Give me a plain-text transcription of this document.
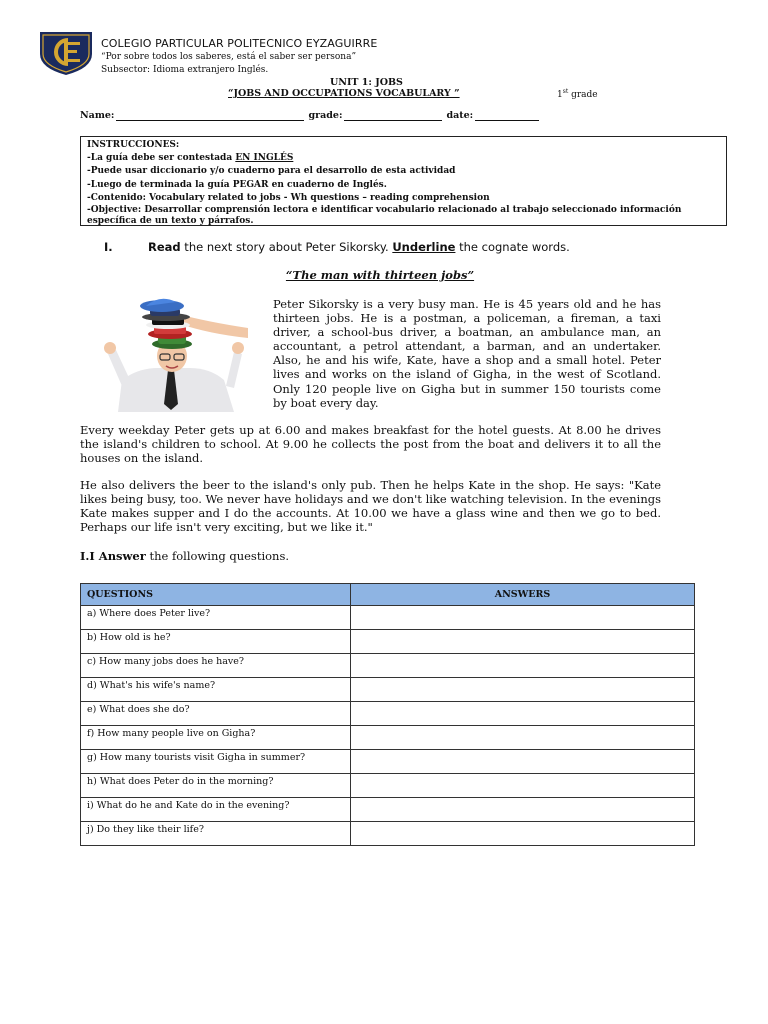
COLEGIO PARTICULAR POLITECNICO EYZAGUIRRE
“Por sobre todos los saberes, está el saber ser persona”
Subsector: Idioma extranjero Inglés.
UNIT 1: JOBS
“JOBS AND OCCUPATIONS VOCABULARY ”	1st grade
Name:	grade:	date:
INSTRUCCIONES:
-La guía debe ser contestada EN INGLÉS
-Puede usar diccionario y/o cuaderno para el desarrollo de esta actividad
-Luego de terminada la guía PEGAR en cuaderno de Inglés.
-Contenido: Vocabulary related to jobs - Wh questions – reading comprehension
-Objective: Desarrollar comprensión lectora e identificar vocabulario relacionado al trabajo seleccionado información específica de un texto y párrafos.
I.	Read the next story about Peter Sikorsky. Underline the cognate words.
“The man with thirteen jobs”
Peter Sikorsky is a very busy man. He is 45 years old and he has thirteen jobs. He is a postman, a policeman, a fireman, a taxi driver, a school-bus driver, a boatman, an ambulance man, an accountant, a petrol attendant, a barman, and an undertaker. Also, he and his wife, Kate, have a shop and a small hotel. Peter lives and works on the island of Gigha, in the west of Scotland. Only 120 people live on Gigha but in summer 150 tourists come by boat every day.
Every weekday Peter gets up at 6.00 and makes breakfast for the hotel guests. At 8.00 he drives the island's children to school. At 9.00 he collects the post from the boat and delivers it to all the houses on the island.
He also delivers the beer to the island's only pub. Then he helps Kate in the shop. He says: "Kate likes being busy, too. We never have holidays and we don't like watching television. In the evenings Kate makes supper and I do the accounts. At 10.00 we have a glass wine and then we go to bed. Perhaps our life isn't very exciting, but we like it."
I.I Answer the following questions.
QUESTIONS	ANSWERS
a) Where does Peter live?	
b) How old is he?	
c) How many jobs does he have?	
d) What's his wife's name?	
e) What does she do?	
f) How many people live on Gigha?	
g) How many tourists visit Gigha in summer?	
h) What does Peter do in the morning?	
i) What do he and Kate do in the evening?	
j) Do they like their life?	
